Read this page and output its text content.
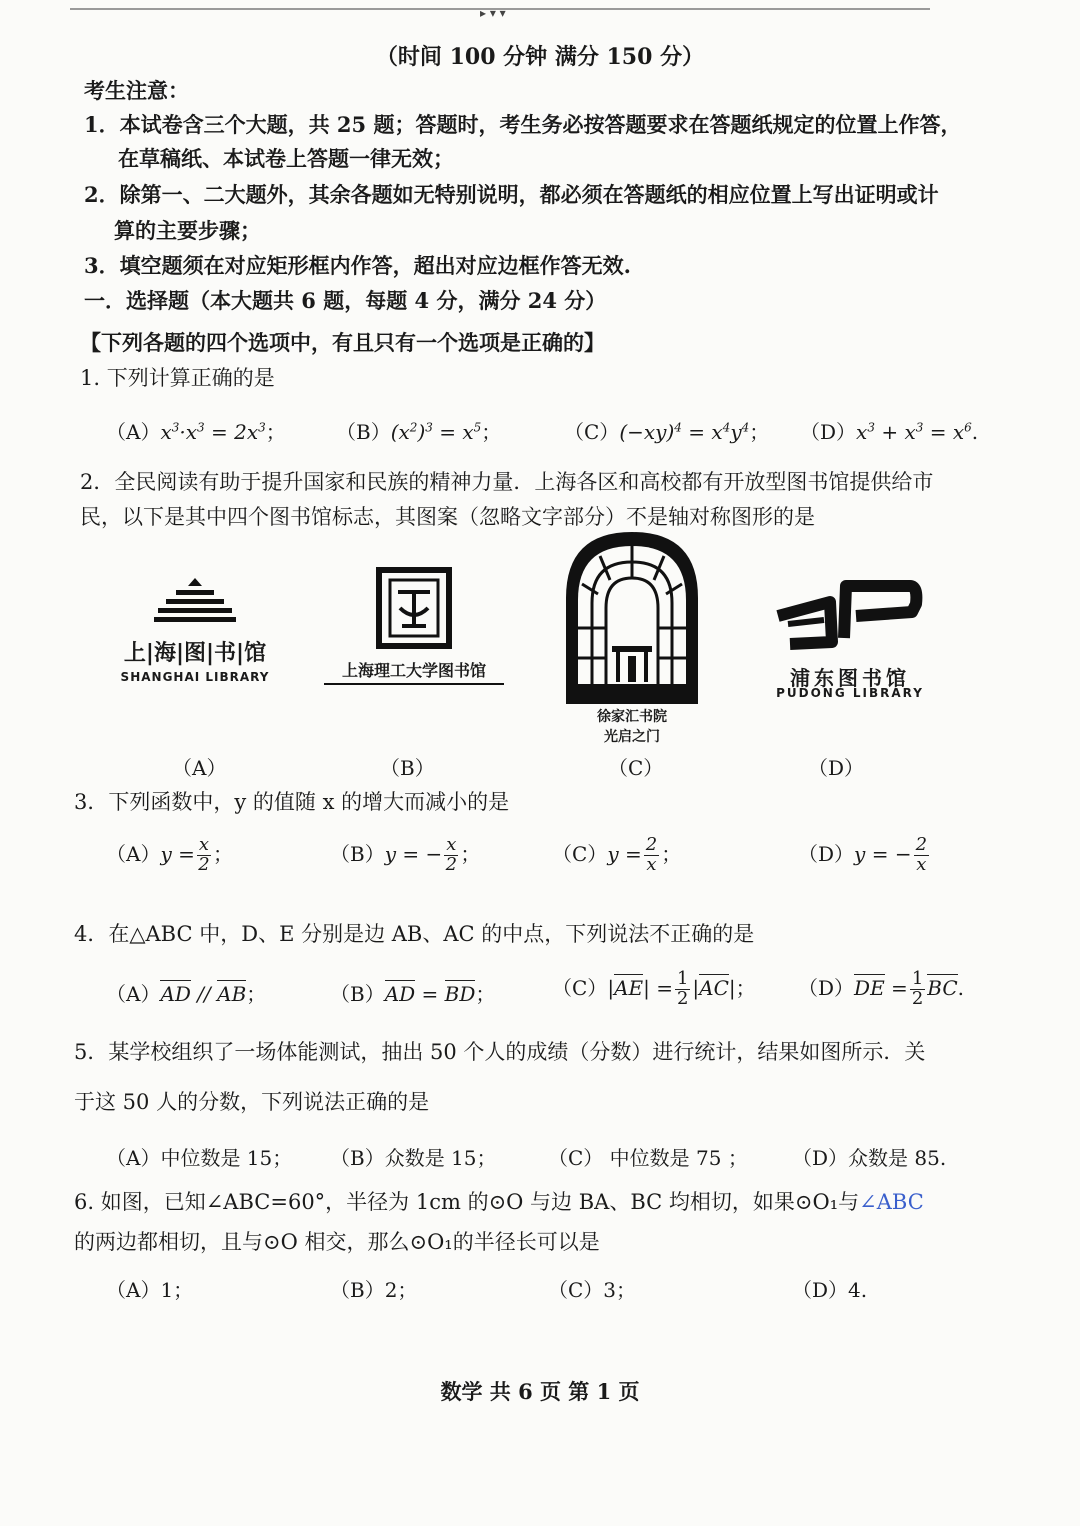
▸ ▾ ▾
（时间 100 分钟 满分 150 分）
考生注意：
1．本试卷含三个大题，共 25 题；答题时，考生务必按答题要求在答题纸规定的位置上作答，
在草稿纸、本试卷上答题一律无效；
2．除第一、二大题外，其余各题如无特别说明，都必须在答题纸的相应位置上写出证明或计
算的主要步骤；
3．填空题须在对应矩形框内作答，超出对应边框作答无效.
一．选择题（本大题共 6 题，每题 4 分，满分 24 分）
【下列各题的四个选项中，有且只有一个选项是正确的】
1. 下列计算正确的是
$(A)x^3\cdot x^3 = 2x^3$；	$(B)(x^2)^3 = x^5$；	$(C)(-xy)^4 = x^4y^4$； $(D)x^3 + x^3 = x^6$.
2．全民阅读有助于提升国家和民族的精神力量．上海各区和高校都有开放型图书馆提供给市
民，以下是其中四个图书馆标志，其图案（忽略文字部分）不是轴对称图形的是
上|海|图|书|馆
SHANGHAI LIBRARY	上海理工大学图书馆
徐家汇书院
光启之门
浦东图书馆
PUDONG LIBRARY
（A）	（B）	（C）	（D）
3．下列函数中，y 的值随 x 的增大而减小的是
$(A)y = \frac{x}{2}$ ；	（B）y = − $\frac{x}{2}$ ；	$(C)y = \frac{2}{x}$ ；	（D）y = − $\frac{2}{x}$
4．在△ABC 中，D、E 分别是边 AB、AC 的中点，下列说法不正确的是
（A）AD // AB；	（B）AD = BD；	$(C)|AE| = \frac{1}{2} |AC|$； $(D)DE = \frac{1}{2}$ BC.
5．某学校组织了一场体能测试，抽出 50 个人的成绩（分数）进行统计，结果如图所示．关
于这 50 人的分数，下列说法正确的是
（A）中位数是 15； （B）众数是 15；	（C） 中位数是 75 ； （D）众数是 85.
6. 如图，已知∠ABC=60°，半径为 1cm 的⊙O 与边 BA、BC 均相切，如果⊙O₁与∠ABC
的两边都相切，且与⊙O 相交，那么⊙O₁的半径长可以是
（A）1；	（B）2；	（C）3；	（D）4.
数学 共 6 页 第 1 页
